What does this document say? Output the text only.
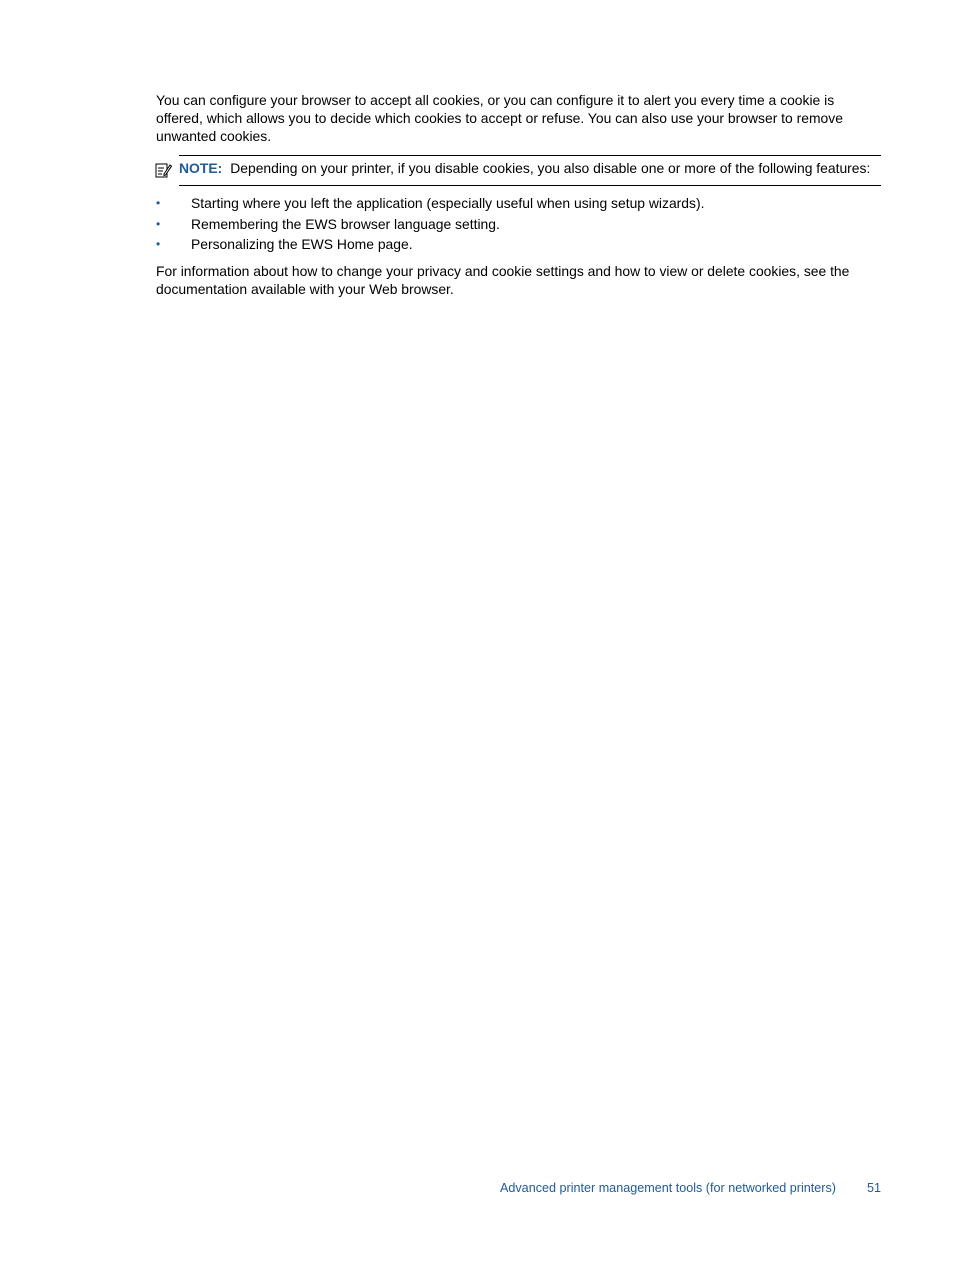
You can configure your browser to accept all cookies, or you can configure it to alert you every time a cookie is offered, which allows you to decide which cookies to accept or refuse. You can also use your browser to remove unwanted cookies.

NOTE: Depending on your printer, if you disable cookies, you also disable one or more of the following features:

• Starting where you left the application (especially useful when using setup wizards).
• Remembering the EWS browser language setting.
• Personalizing the EWS Home page.

For information about how to change your privacy and cookie settings and how to view or delete cookies, see the documentation available with your Web browser.

Advanced printer management tools (for networked printers) 51
